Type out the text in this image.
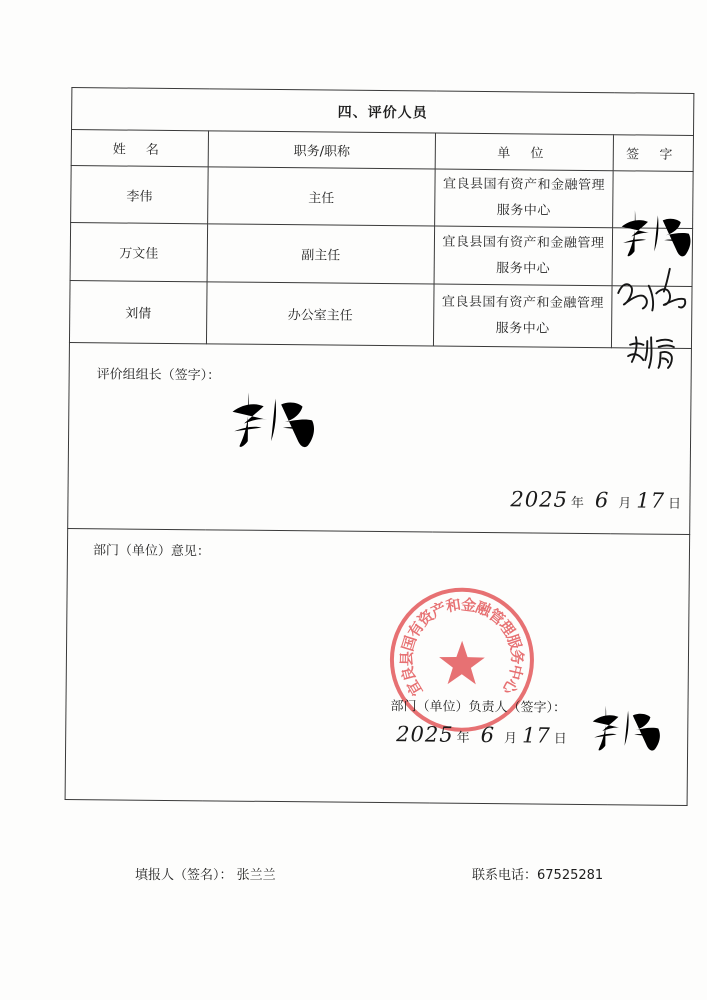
四、评价人员			
姓 名	职务/职称	单 位	签 字
李伟	主任	宜良县国有资产和金融管理
服务中心

万文佳	副主任	宜良县国有资产和金融管理
服务中心

刘倩	办公室主任	宜良县国有资产和金融管理
服务中心

评价组组长（签字）：
2025 年 6 月 17 日			

部门（单位）意见：
宜良县国有资产和金融管理服务中心
部门（单位）负责人（签字）：
2025 年 6 月 17 日			
填报人（签名）： 张兰兰	联系电话：67525281
